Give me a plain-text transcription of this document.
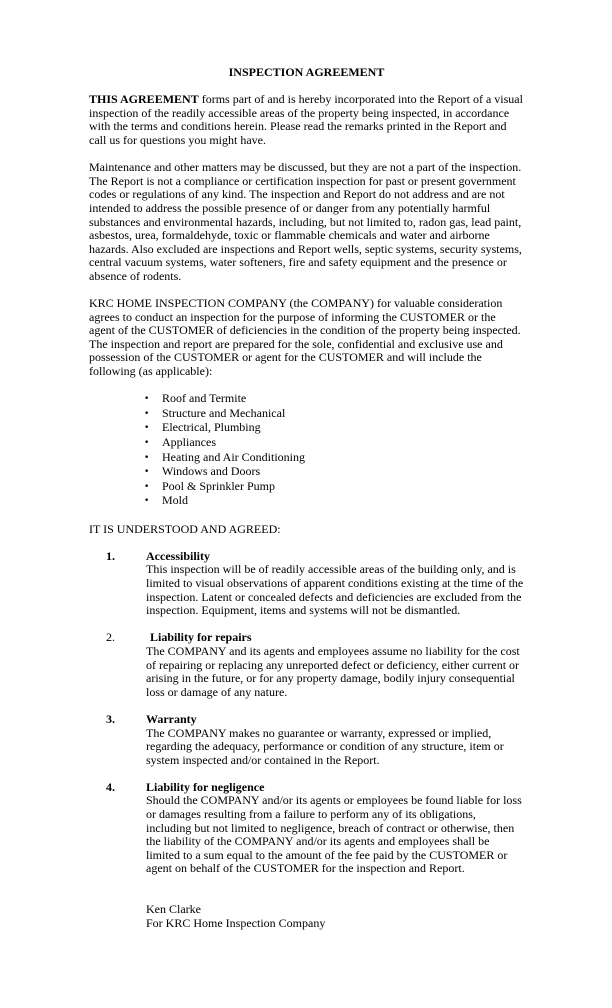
INSPECTION AGREEMENT

THIS AGREEMENT forms part of and is hereby incorporated into the Report of a visual inspection of the readily accessible areas of the property being inspected, in accordance with the terms and conditions herein. Please read the remarks printed in the Report and call us for questions you might have.

Maintenance and other matters may be discussed, but they are not a part of the inspection. The Report is not a compliance or certification inspection for past or present government codes or regulations of any kind. The inspection and Report do not address and are not intended to address the possible presence of or danger from any potentially harmful substances and environmental hazards, including, but not limited to, radon gas, lead paint, asbestos, urea, formaldehyde, toxic or flammable chemicals and water and airborne hazards. Also excluded are inspections and Report wells, septic systems, security systems, central vacuum systems, water softeners, fire and safety equipment and the presence or absence of rodents.

KRC HOME INSPECTION COMPANY (the COMPANY) for valuable consideration agrees to conduct an inspection for the purpose of informing the CUSTOMER or the agent of the CUSTOMER of deficiencies in the condition of the property being inspected. The inspection and report are prepared for the sole, confidential and exclusive use and possession of the CUSTOMER or agent for the CUSTOMER and will include the following (as applicable):

• Roof and Termite
• Structure and Mechanical
• Electrical, Plumbing
• Appliances
• Heating and Air Conditioning
• Windows and Doors
• Pool & Sprinkler Pump
• Mold

IT IS UNDERSTOOD AND AGREED:

1.	Accessibility

This inspection will be of readily accessible areas of the building only, and is limited to visual observations of apparent conditions existing at the time of the inspection. Latent or concealed defects and deficiencies are excluded from the inspection. Equipment, items and systems will not be dismantled.

2.	Liability for repairs

The COMPANY and its agents and employees assume no liability for the cost of repairing or replacing any unreported defect or deficiency, either current or arising in the future, or for any property damage, bodily injury consequential loss or damage of any nature.

3.	Warranty

The COMPANY makes no guarantee or warranty, expressed or implied, regarding the adequacy, performance or condition of any structure, item or system inspected and/or contained in the Report.

4.	Liability for negligence

Should the COMPANY and/or its agents or employees be found liable for loss or damages resulting from a failure to perform any of its obligations, including but not limited to negligence, breach of contract or otherwise, then the liability of the COMPANY and/or its agents and employees shall be limited to a sum equal to the amount of the fee paid by the CUSTOMER or agent on behalf of the CUSTOMER for the inspection and Report.

Ken Clarke
For KRC Home Inspection Company
